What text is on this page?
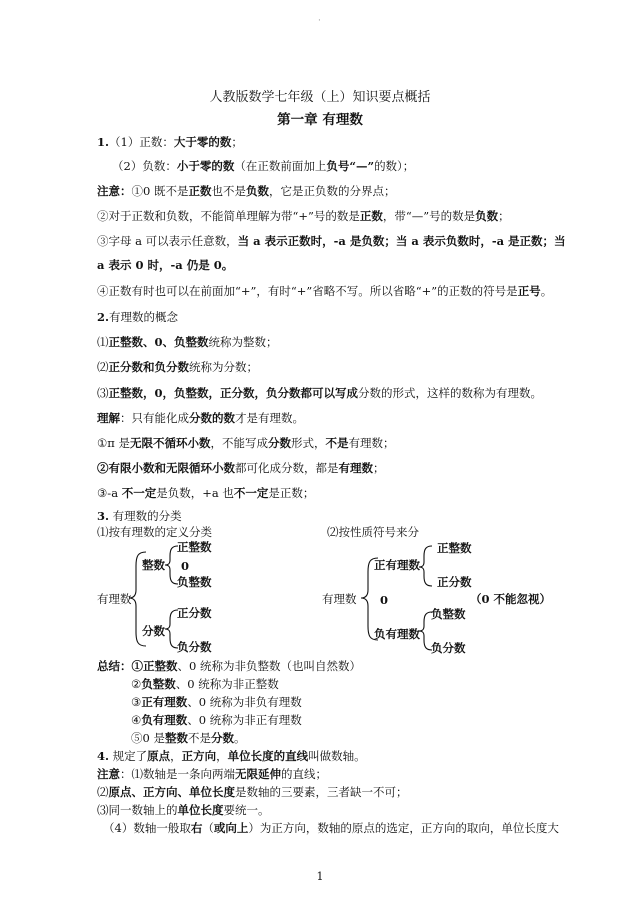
·
人教版数学七年级（上）知识要点概括
第一章 有理数
1.（1）正数：大于零的数；
（2）负数：小于零的数（在正数前面加上负号“—”的数）；
注意：①0 既不是正数也不是负数，它是正负数的分界点；
②对于正数和负数，不能简单理解为带“+”号的数是正数，带“—”号的数是负数；
③字母 a 可以表示任意数，当 a 表示正数时，-a 是负数；当 a 表示负数时，-a 是正数；当
a 表示 0 时，-a 仍是 0。
④正数有时也可以在前面加“+”，有时“+”省略不写。所以省略“+”的正数的符号是正号。
2.有理数的概念
⑴正整数、0、负整数统称为整数；
⑵正分数和负分数统称为分数；
⑶正整数，0，负整数，正分数，负分数都可以写成分数的形式，这样的数称为有理数。
理解：只有能化成分数的数才是有理数。
①π 是无限不循环小数，不能写成分数形式，不是有理数；
②有限小数和无限循环小数都可化成分数，都是有理数；
③-a 不一定是负数，+a 也不一定是正数；
3. 有理数的分类
⑴按有理数的定义分类	⑵按性质符号来分
有理数
整数
分数
正整数
0
负整数
正分数
负分数
有理数
正有理数
0	（0 不能忽视）
负有理数
正整数
正分数
负整数
负分数
总结：①正整数、0 统称为非负整数（也叫自然数）
②负整数、0 统称为非正整数
③正有理数、0 统称为非负有理数
④负有理数、0 统称为非正有理数
⑤0 是整数不是分数。
4. 规定了原点，正方向，单位长度的直线叫做数轴。
注意：⑴数轴是一条向两端无限延伸的直线；
⑵原点、正方向、单位长度是数轴的三要素，三者缺一不可；
⑶同一数轴上的单位长度要统一。
（4）数轴一般取右（或向上）为正方向，数轴的原点的选定，正方向的取向，单位长度大
1
